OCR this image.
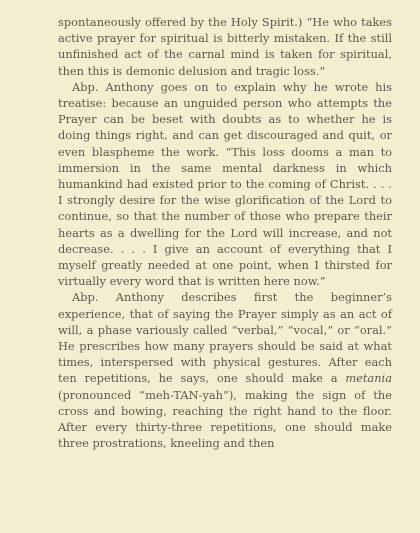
spontaneously offered by the Holy Spirit.) “He who takes active prayer for spiritual is bitterly mistaken. If the still unfinished act of the carnal mind is taken for spiritual, then this is demonic delusion and tragic loss.”

Abp. Anthony goes on to explain why he wrote his treatise: because an unguided person who attempts the Prayer can be beset with doubts as to whether he is doing things right, and can get discouraged and quit, or even blaspheme the work. “This loss dooms a man to immersion in the same mental darkness in which humankind had existed prior to the coming of Christ. . . . I strongly desire for the wise glorification of the Lord to continue, so that the number of those who prepare their hearts as a dwelling for the Lord will increase, and not decrease. . . . I give an account of everything that I myself greatly needed at one point, when I thirsted for virtually every word that is written here now.”

Abp. Anthony describes first the beginner’s experience, that of saying the Prayer simply as an act of will, a phase variously called “verbal,” “vocal,” or “oral.” He prescribes how many prayers should be said at what times, interspersed with physical gestures. After each ten repetitions, he says, one should make a metania (pronounced “meh-TAN-yah”), making the sign of the cross and bowing, reaching the right hand to the floor. After every thirty-three repetitions, one should make three prostrations, kneeling and then
